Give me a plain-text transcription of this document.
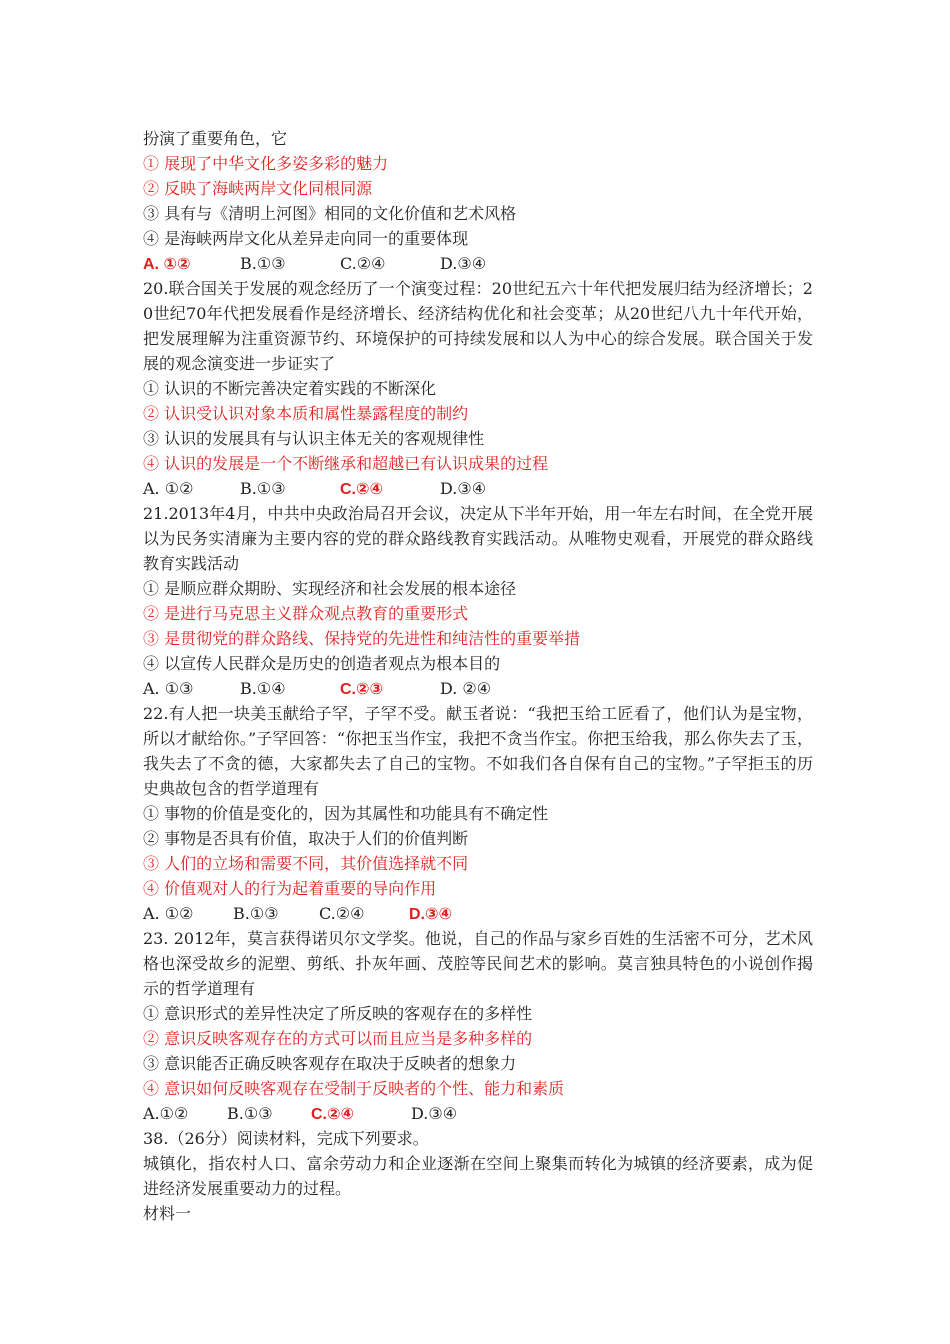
扮演了重要角色，它
① 展现了中华文化多姿多彩的魅力
② 反映了海峡两岸文化同根同源
③ 具有与《清明上河图》相同的文化价值和艺术风格
④ 是海峡两岸文化从差异走向同一的重要体现
A. ①②	B.①③	C.②④	D.③④
20.联合国关于发展的观念经历了一个演变过程：20世纪五六十年代把发展归结为经济增长；20世纪70年代把发展看作是经济增长、经济结构优化和社会变革；从20世纪八九十年代开始，把发展理解为注重资源节约、环境保护的可持续发展和以人为中心的综合发展。联合国关于发展的观念演变进一步证实了
① 认识的不断完善决定着实践的不断深化
② 认识受认识对象本质和属性暴露程度的制约
③ 认识的发展具有与认识主体无关的客观规律性
④ 认识的发展是一个不断继承和超越已有认识成果的过程
A. ①②	B.①③	C.②④	D.③④
21.2013年4月，中共中央政治局召开会议，决定从下半年开始，用一年左右时间，在全党开展以为民务实清廉为主要内容的党的群众路线教育实践活动。从唯物史观看，开展党的群众路线教育实践活动
① 是顺应群众期盼、实现经济和社会发展的根本途径
② 是进行马克思主义群众观点教育的重要形式
③ 是贯彻党的群众路线、保持党的先进性和纯洁性的重要举措
④ 以宣传人民群众是历史的创造者观点为根本目的
A. ①③	B.①④	C.②③	D. ②④
22.有人把一块美玉献给子罕，子罕不受。献玉者说：“我把玉给工匠看了，他们认为是宝物，所以才献给你。”子罕回答：“你把玉当作宝，我把不贪当作宝。你把玉给我，那么你失去了玉，我失去了不贪的德，大家都失去了自己的宝物。不如我们各自保有自己的宝物。”子罕拒玉的历史典故包含的哲学道理有
① 事物的价值是变化的，因为其属性和功能具有不确定性
② 事物是否具有价值，取决于人们的价值判断
③ 人们的立场和需要不同，其价值选择就不同
④ 价值观对人的行为起着重要的导向作用
A. ①②	B.①③	C.②④	D.③④
23. 2012年，莫言获得诺贝尔文学奖。他说，自己的作品与家乡百姓的生活密不可分，艺术风格也深受故乡的泥塑、剪纸、扑灰年画、茂腔等民间艺术的影响。莫言独具特色的小说创作揭示的哲学道理有
① 意识形式的差异性决定了所反映的客观存在的多样性
② 意识反映客观存在的方式可以而且应当是多种多样的
③ 意识能否正确反映客观存在取决于反映者的想象力
④ 意识如何反映客观存在受制于反映者的个性、能力和素质
A.①②	B.①③	C.②④	D.③④
38.（26分）阅读材料，完成下列要求。
城镇化，指农村人口、富余劳动力和企业逐渐在空间上聚集而转化为城镇的经济要素，成为促进经济发展重要动力的过程。
材料一
